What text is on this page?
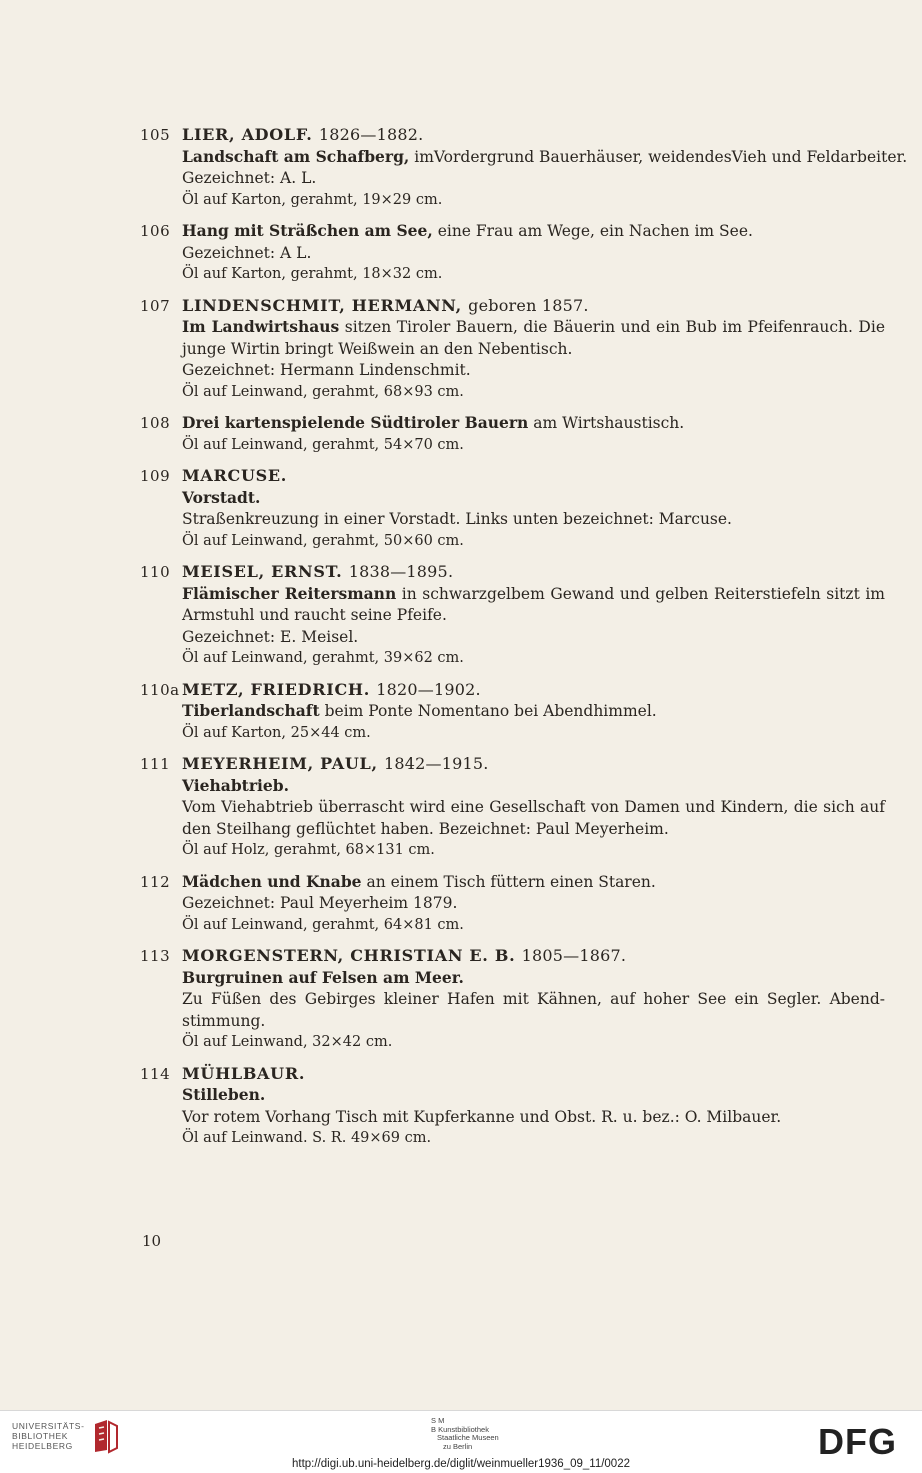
105 LIER, ADOLF. 1826—1882.
Landschaft am Schafberg, imVordergrund Bauerhäuser, weidendesVieh und Feldarbeiter.
Gezeichnet: A. L.
Öl auf Karton, gerahmt, 19×29 cm.
106 Hang mit Sträßchen am See, eine Frau am Wege, ein Nachen im See.
Gezeichnet: A L.
Öl auf Karton, gerahmt, 18×32 cm.
107 LINDENSCHMIT, HERMANN, geboren 1857.
Im Landwirtshaus sitzen Tiroler Bauern, die Bäuerin und ein Bub im Pfeifenrauch. Die junge Wirtin bringt Weißwein an den Nebentisch.
Gezeichnet: Hermann Lindenschmit.
Öl auf Leinwand, gerahmt, 68×93 cm.
108 Drei kartenspielende Südtiroler Bauern am Wirtshaustisch.
Öl auf Leinwand, gerahmt, 54×70 cm.
109 MARCUSE.
Vorstadt.
Straßenkreuzung in einer Vorstadt. Links unten bezeichnet: Marcuse.
Öl auf Leinwand, gerahmt, 50×60 cm.
110 MEISEL, ERNST. 1838—1895.
Flämischer Reitersmann in schwarzgelbem Gewand und gelben Reiterstiefeln sitzt im Armstuhl und raucht seine Pfeife.
Gezeichnet: E. Meisel.
Öl auf Leinwand, gerahmt, 39×62 cm.
110a METZ, FRIEDRICH. 1820—1902.
Tiberlandschaft beim Ponte Nomentano bei Abendhimmel.
Öl auf Karton, 25×44 cm.
111 MEYERHEIM, PAUL, 1842—1915.
Viehabtrieb.
Vom Viehabtrieb überrascht wird eine Gesellschaft von Damen und Kindern, die sich auf den Steilhang geflüchtet haben. Bezeichnet: Paul Meyerheim.
Öl auf Holz, gerahmt, 68×131 cm.
112 Mädchen und Knabe an einem Tisch füttern einen Staren.
Gezeichnet: Paul Meyerheim 1879.
Öl auf Leinwand, gerahmt, 64×81 cm.
113 MORGENSTERN, CHRISTIAN E. B. 1805—1867.
Burgruinen auf Felsen am Meer.
Zu Füßen des Gebirges kleiner Hafen mit Kähnen, auf hoher See ein Segler. Abend-stimmung.
Öl auf Leinwand, 32×42 cm.
114 MÜHLBAUR.
Stilleben.
Vor rotem Vorhang Tisch mit Kupferkanne und Obst. R. u. bez.: O. Milbauer.
Öl auf Leinwand. S. R. 49×69 cm.
10
UNIVERSITÄTS-
BIBLIOTHEK
HEIDELBERG
S M
B Kunstbibliothek
Staatliche Museen
zu Berlin	DFG
http://digi.ub.uni-heidelberg.de/diglit/weinmueller1936_09_11/0022
